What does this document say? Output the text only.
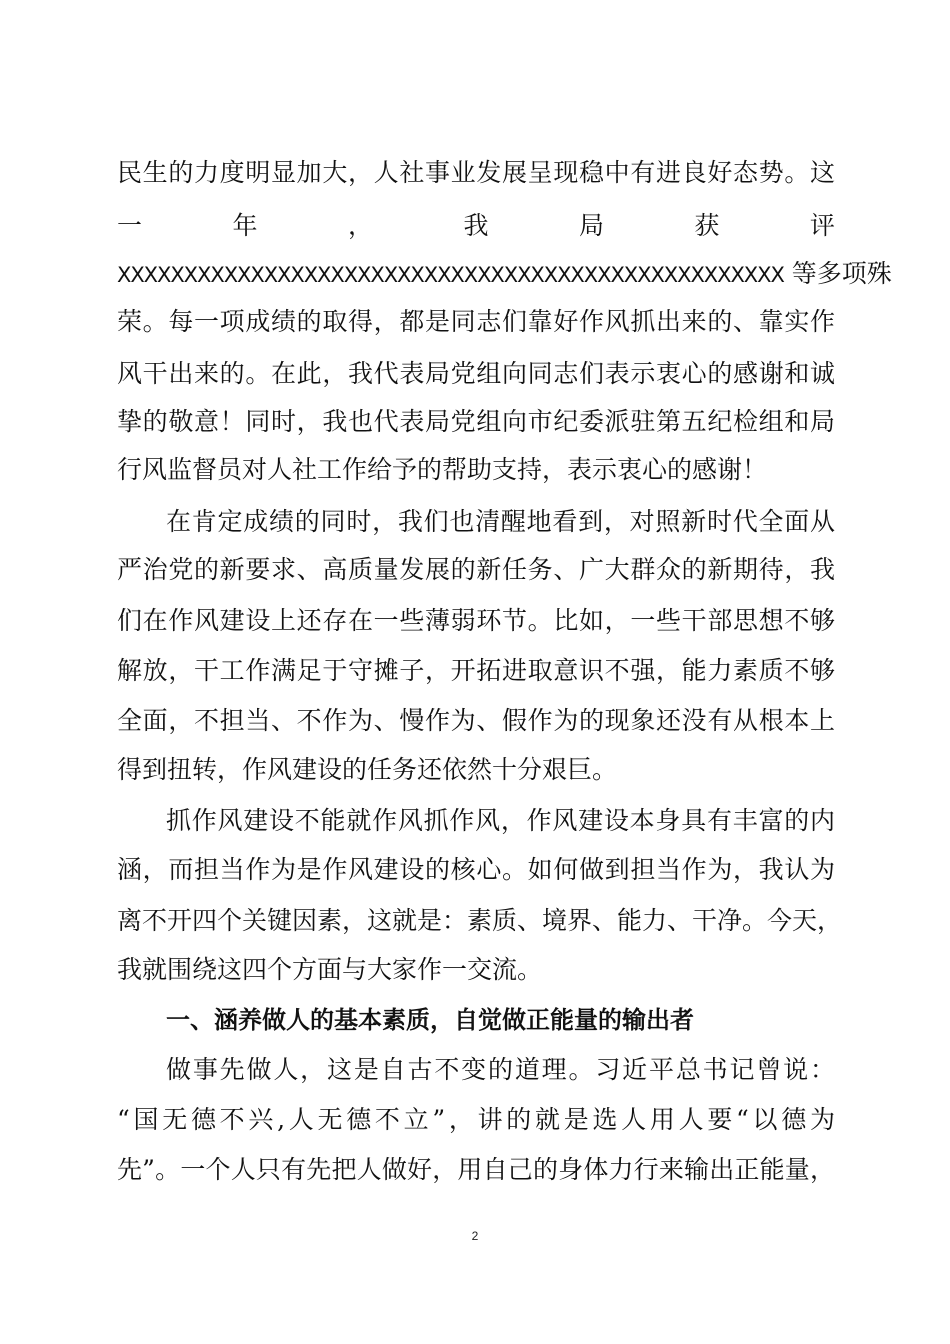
民生的力度明显加大，人社事业发展呈现稳中有进良好态势。这
一	年	，	我	局	获	评
XXXXXXXXXXXXXXXXXXXXXXXXXXXXXXXXXXXXXXXXXXXXXXXXXX 等多项殊
荣。每一项成绩的取得，都是同志们靠好作风抓出来的、靠实作
风干出来的。在此，我代表局党组向同志们表示衷心的感谢和诚
挚的敬意！同时，我也代表局党组向市纪委派驻第五纪检组和局
行风监督员对人社工作给予的帮助支持，表示衷心的感谢！
在肯定成绩的同时，我们也清醒地看到，对照新时代全面从
严治党的新要求、高质量发展的新任务、广大群众的新期待，我
们在作风建设上还存在一些薄弱环节。比如，一些干部思想不够
解放，干工作满足于守摊子，开拓进取意识不强，能力素质不够
全面，不担当、不作为、慢作为、假作为的现象还没有从根本上
得到扭转，作风建设的任务还依然十分艰巨。
抓作风建设不能就作风抓作风，作风建设本身具有丰富的内
涵，而担当作为是作风建设的核心。如何做到担当作为，我认为
离不开四个关键因素，这就是：素质、境界、能力、干净。今天，
我就围绕这四个方面与大家作一交流。
一、涵养做人的基本素质，自觉做正能量的输出者
做事先做人，这是自古不变的道理。习近平总书记曾说：
“国无德不兴,人无德不立”，讲的就是选人用人要“以德为
先”。一个人只有先把人做好，用自己的身体力行来输出正能量，
2
